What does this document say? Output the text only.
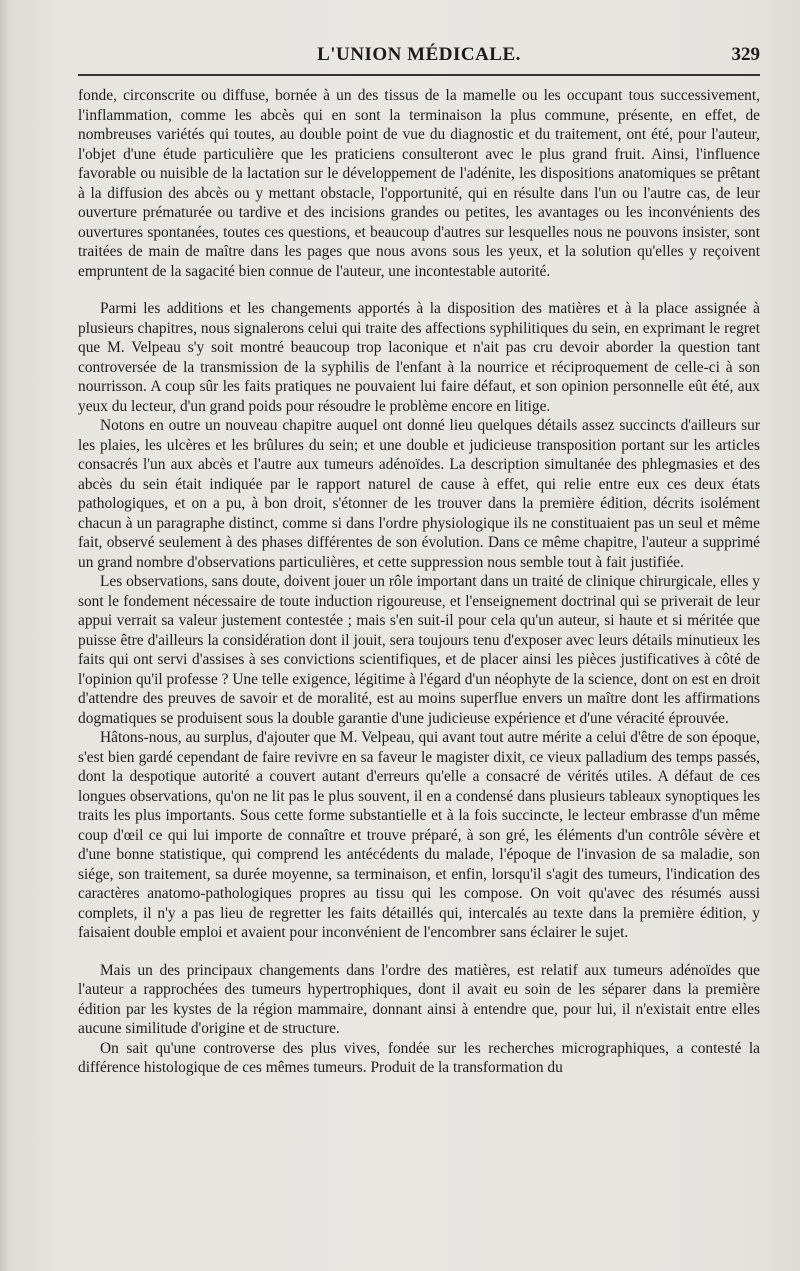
L'UNION MÉDICALE.	329

fonde, circonscrite ou diffuse, bornée à un des tissus de la mamelle ou les occupant tous successivement, l'inflammation, comme les abcès qui en sont la terminaison la plus commune, présente, en effet, de nombreuses variétés qui toutes, au double point de vue du diagnostic et du traitement, ont été, pour l'auteur, l'objet d'une étude particulière que les praticiens consulteront avec le plus grand fruit. Ainsi, l'influence favorable ou nuisible de la lactation sur le développement de l'adénite, les dispositions anatomiques se prêtant à la diffusion des abcès ou y mettant obstacle, l'opportunité, qui en résulte dans l'un ou l'autre cas, de leur ouverture prématurée ou tardive et des incisions grandes ou petites, les avantages ou les inconvénients des ouvertures spontanées, toutes ces questions, et beaucoup d'autres sur lesquelles nous ne pouvons insister, sont traitées de main de maître dans les pages que nous avons sous les yeux, et la solution qu'elles y reçoivent empruntent de la sagacité bien connue de l'auteur, une incontestable autorité.

Parmi les additions et les changements apportés à la disposition des matières et à la place assignée à plusieurs chapitres, nous signalerons celui qui traite des affections syphilitiques du sein, en exprimant le regret que M. Velpeau s'y soit montré beaucoup trop laconique et n'ait pas cru devoir aborder la question tant controversée de la transmission de la syphilis de l'enfant à la nourrice et réciproquement de celle-ci à son nourrisson. A coup sûr les faits pratiques ne pouvaient lui faire défaut, et son opinion personnelle eût été, aux yeux du lecteur, d'un grand poids pour résoudre le problème encore en litige.

Notons en outre un nouveau chapitre auquel ont donné lieu quelques détails assez succincts d'ailleurs sur les plaies, les ulcères et les brûlures du sein; et une double et judicieuse transposition portant sur les articles consacrés l'un aux abcès et l'autre aux tumeurs adénoïdes. La description simultanée des phlegmasies et des abcès du sein était indiquée par le rapport naturel de cause à effet, qui relie entre eux ces deux états pathologiques, et on a pu, à bon droit, s'étonner de les trouver dans la première édition, décrits isolément chacun à un paragraphe distinct, comme si dans l'ordre physiologique ils ne constituaient pas un seul et même fait, observé seulement à des phases différentes de son évolution. Dans ce même chapitre, l'auteur a supprimé un grand nombre d'observations particulières, et cette suppression nous semble tout à fait justifiée.

Les observations, sans doute, doivent jouer un rôle important dans un traité de clinique chirurgicale, elles y sont le fondement nécessaire de toute induction rigoureuse, et l'enseignement doctrinal qui se priverait de leur appui verrait sa valeur justement contestée ; mais s'en suit-il pour cela qu'un auteur, si haute et si méritée que puisse être d'ailleurs la considération dont il jouit, sera toujours tenu d'exposer avec leurs détails minutieux les faits qui ont servi d'assises à ses convictions scientifiques, et de placer ainsi les pièces justificatives à côté de l'opinion qu'il professe ? Une telle exigence, légitime à l'égard d'un néophyte de la science, dont on est en droit d'attendre des preuves de savoir et de moralité, est au moins superflue envers un maître dont les affirmations dogmatiques se produisent sous la double garantie d'une judicieuse expérience et d'une véracité éprouvée.

Hâtons-nous, au surplus, d'ajouter que M. Velpeau, qui avant tout autre mérite a celui d'être de son époque, s'est bien gardé cependant de faire revivre en sa faveur le magister dixit, ce vieux palladium des temps passés, dont la despotique autorité a couvert autant d'erreurs qu'elle a consacré de vérités utiles. A défaut de ces longues observations, qu'on ne lit pas le plus souvent, il en a condensé dans plusieurs tableaux synoptiques les traits les plus importants. Sous cette forme substantielle et à la fois succincte, le lecteur embrasse d'un même coup d'œil ce qui lui importe de connaître et trouve préparé, à son gré, les éléments d'un contrôle sévère et d'une bonne statistique, qui comprend les antécédents du malade, l'époque de l'invasion de sa maladie, son siége, son traitement, sa durée moyenne, sa terminaison, et enfin, lorsqu'il s'agit des tumeurs, l'indication des caractères anatomo-pathologiques propres au tissu qui les compose. On voit qu'avec des résumés aussi complets, il n'y a pas lieu de regretter les faits détaillés qui, intercalés au texte dans la première édition, y faisaient double emploi et avaient pour inconvénient de l'encombrer sans éclairer le sujet.

Mais un des principaux changements dans l'ordre des matières, est relatif aux tumeurs adénoïdes que l'auteur a rapprochées des tumeurs hypertrophiques, dont il avait eu soin de les séparer dans la première édition par les kystes de la région mammaire, donnant ainsi à entendre que, pour lui, il n'existait entre elles aucune similitude d'origine et de structure.

On sait qu'une controverse des plus vives, fondée sur les recherches micrographiques, a contesté la différence histologique de ces mêmes tumeurs. Produit de la transformation du
